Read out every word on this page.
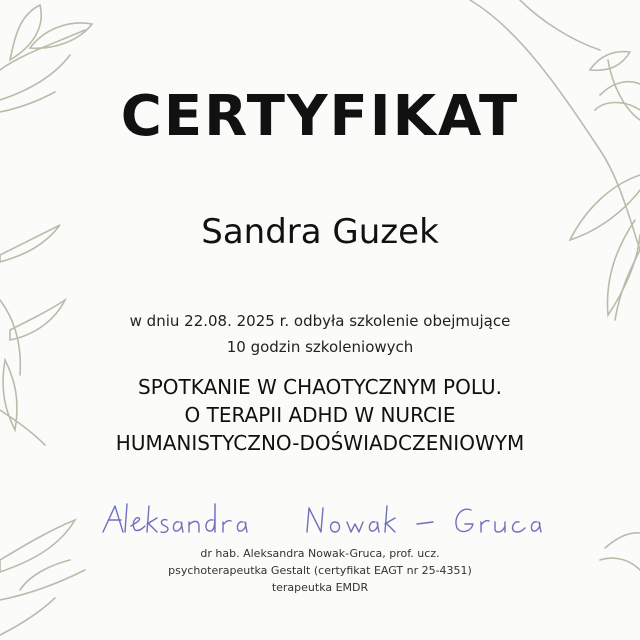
CERTYFIKAT
Sandra Guzek
w dniu 22.08. 2025 r. odbyła szkolenie obejmujące
10 godzin szkoleniowych
SPOTKANIE W CHAOTYCZNYM POLU.
O TERAPII ADHD W NURCIE
HUMANISTYCZNO-DOŚWIADCZENIOWYM
dr hab. Aleksandra Nowak-Gruca, prof. ucz.
psychoterapeutka Gestalt (certyfikat EAGT nr 25-4351)
terapeutka EMDR
